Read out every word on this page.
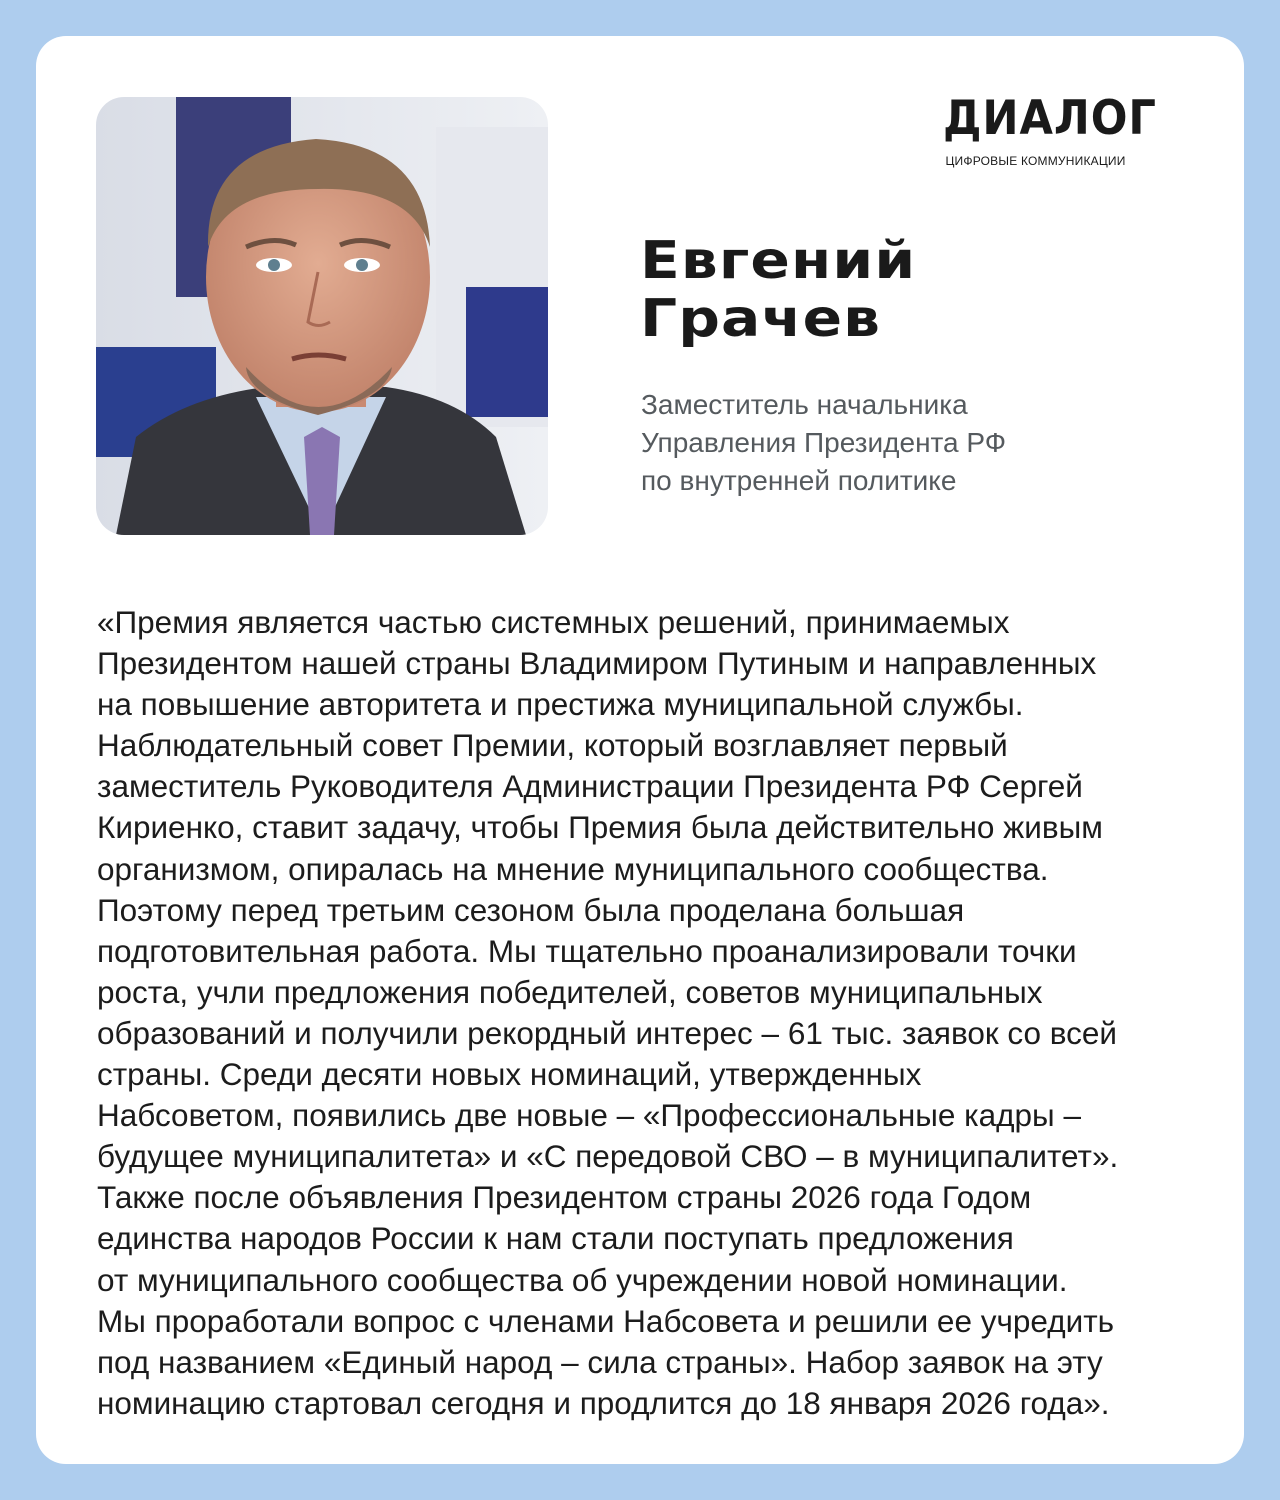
ДИАЛОГ
ЦИФРОВЫЕ КОММУНИКАЦИИ
Евгений
Грачев
Заместитель начальника
Управления Президента РФ
по внутренней политике
«Премия является частью системных решений, принимаемых
Президентом нашей страны Владимиром Путиным и направленных
на повышение авторитета и престижа муниципальной службы.
Наблюдательный совет Премии, который возглавляет первый
заместитель Руководителя Администрации Президента РФ Сергей
Кириенко, ставит задачу, чтобы Премия была действительно живым
организмом, опиралась на мнение муниципального сообщества.
Поэтому перед третьим сезоном была проделана большая
подготовительная работа. Мы тщательно проанализировали точки
роста, учли предложения победителей, советов муниципальных
образований и получили рекордный интерес – 61 тыс. заявок со всей
страны. Среди десяти новых номинаций, утвержденных
Набсоветом, появились две новые – «Профессиональные кадры –
будущее муниципалитета» и «С передовой СВО – в муниципалитет».
Также после объявления Президентом страны 2026 года Годом
единства народов России к нам стали поступать предложения
от муниципального сообщества об учреждении новой номинации.
Мы проработали вопрос с членами Набсовета и решили ее учредить
под названием «Единый народ – сила страны». Набор заявок на эту
номинацию стартовал сегодня и продлится до 18 января 2026 года».
